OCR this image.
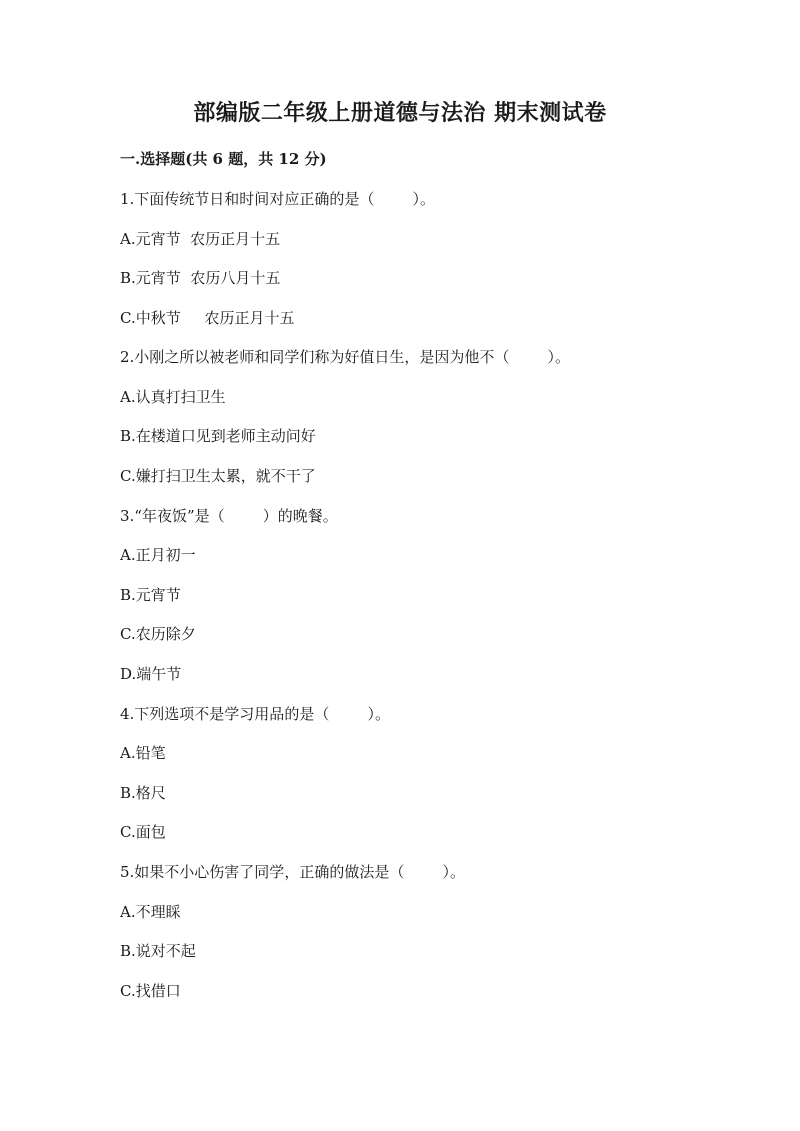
部编版二年级上册道德与法治 期末测试卷
一.选择题(共 6 题，共 12 分)
1.下面传统节日和时间对应正确的是（        ）。
A.元宵节  农历正月十五
B.元宵节  农历八月十五
C.中秋节     农历正月十五
2.小刚之所以被老师和同学们称为好值日生，是因为他不（        ）。
A.认真打扫卫生
B.在楼道口见到老师主动问好
C.嫌打扫卫生太累，就不干了
3.“年夜饭”是（        ）的晚餐。
A.正月初一
B.元宵节
C.农历除夕
D.端午节
4.下列选项不是学习用品的是（        ）。
A.铅笔
B.格尺
C.面包
5.如果不小心伤害了同学，正确的做法是（        ）。
A.不理睬
B.说对不起
C.找借口
